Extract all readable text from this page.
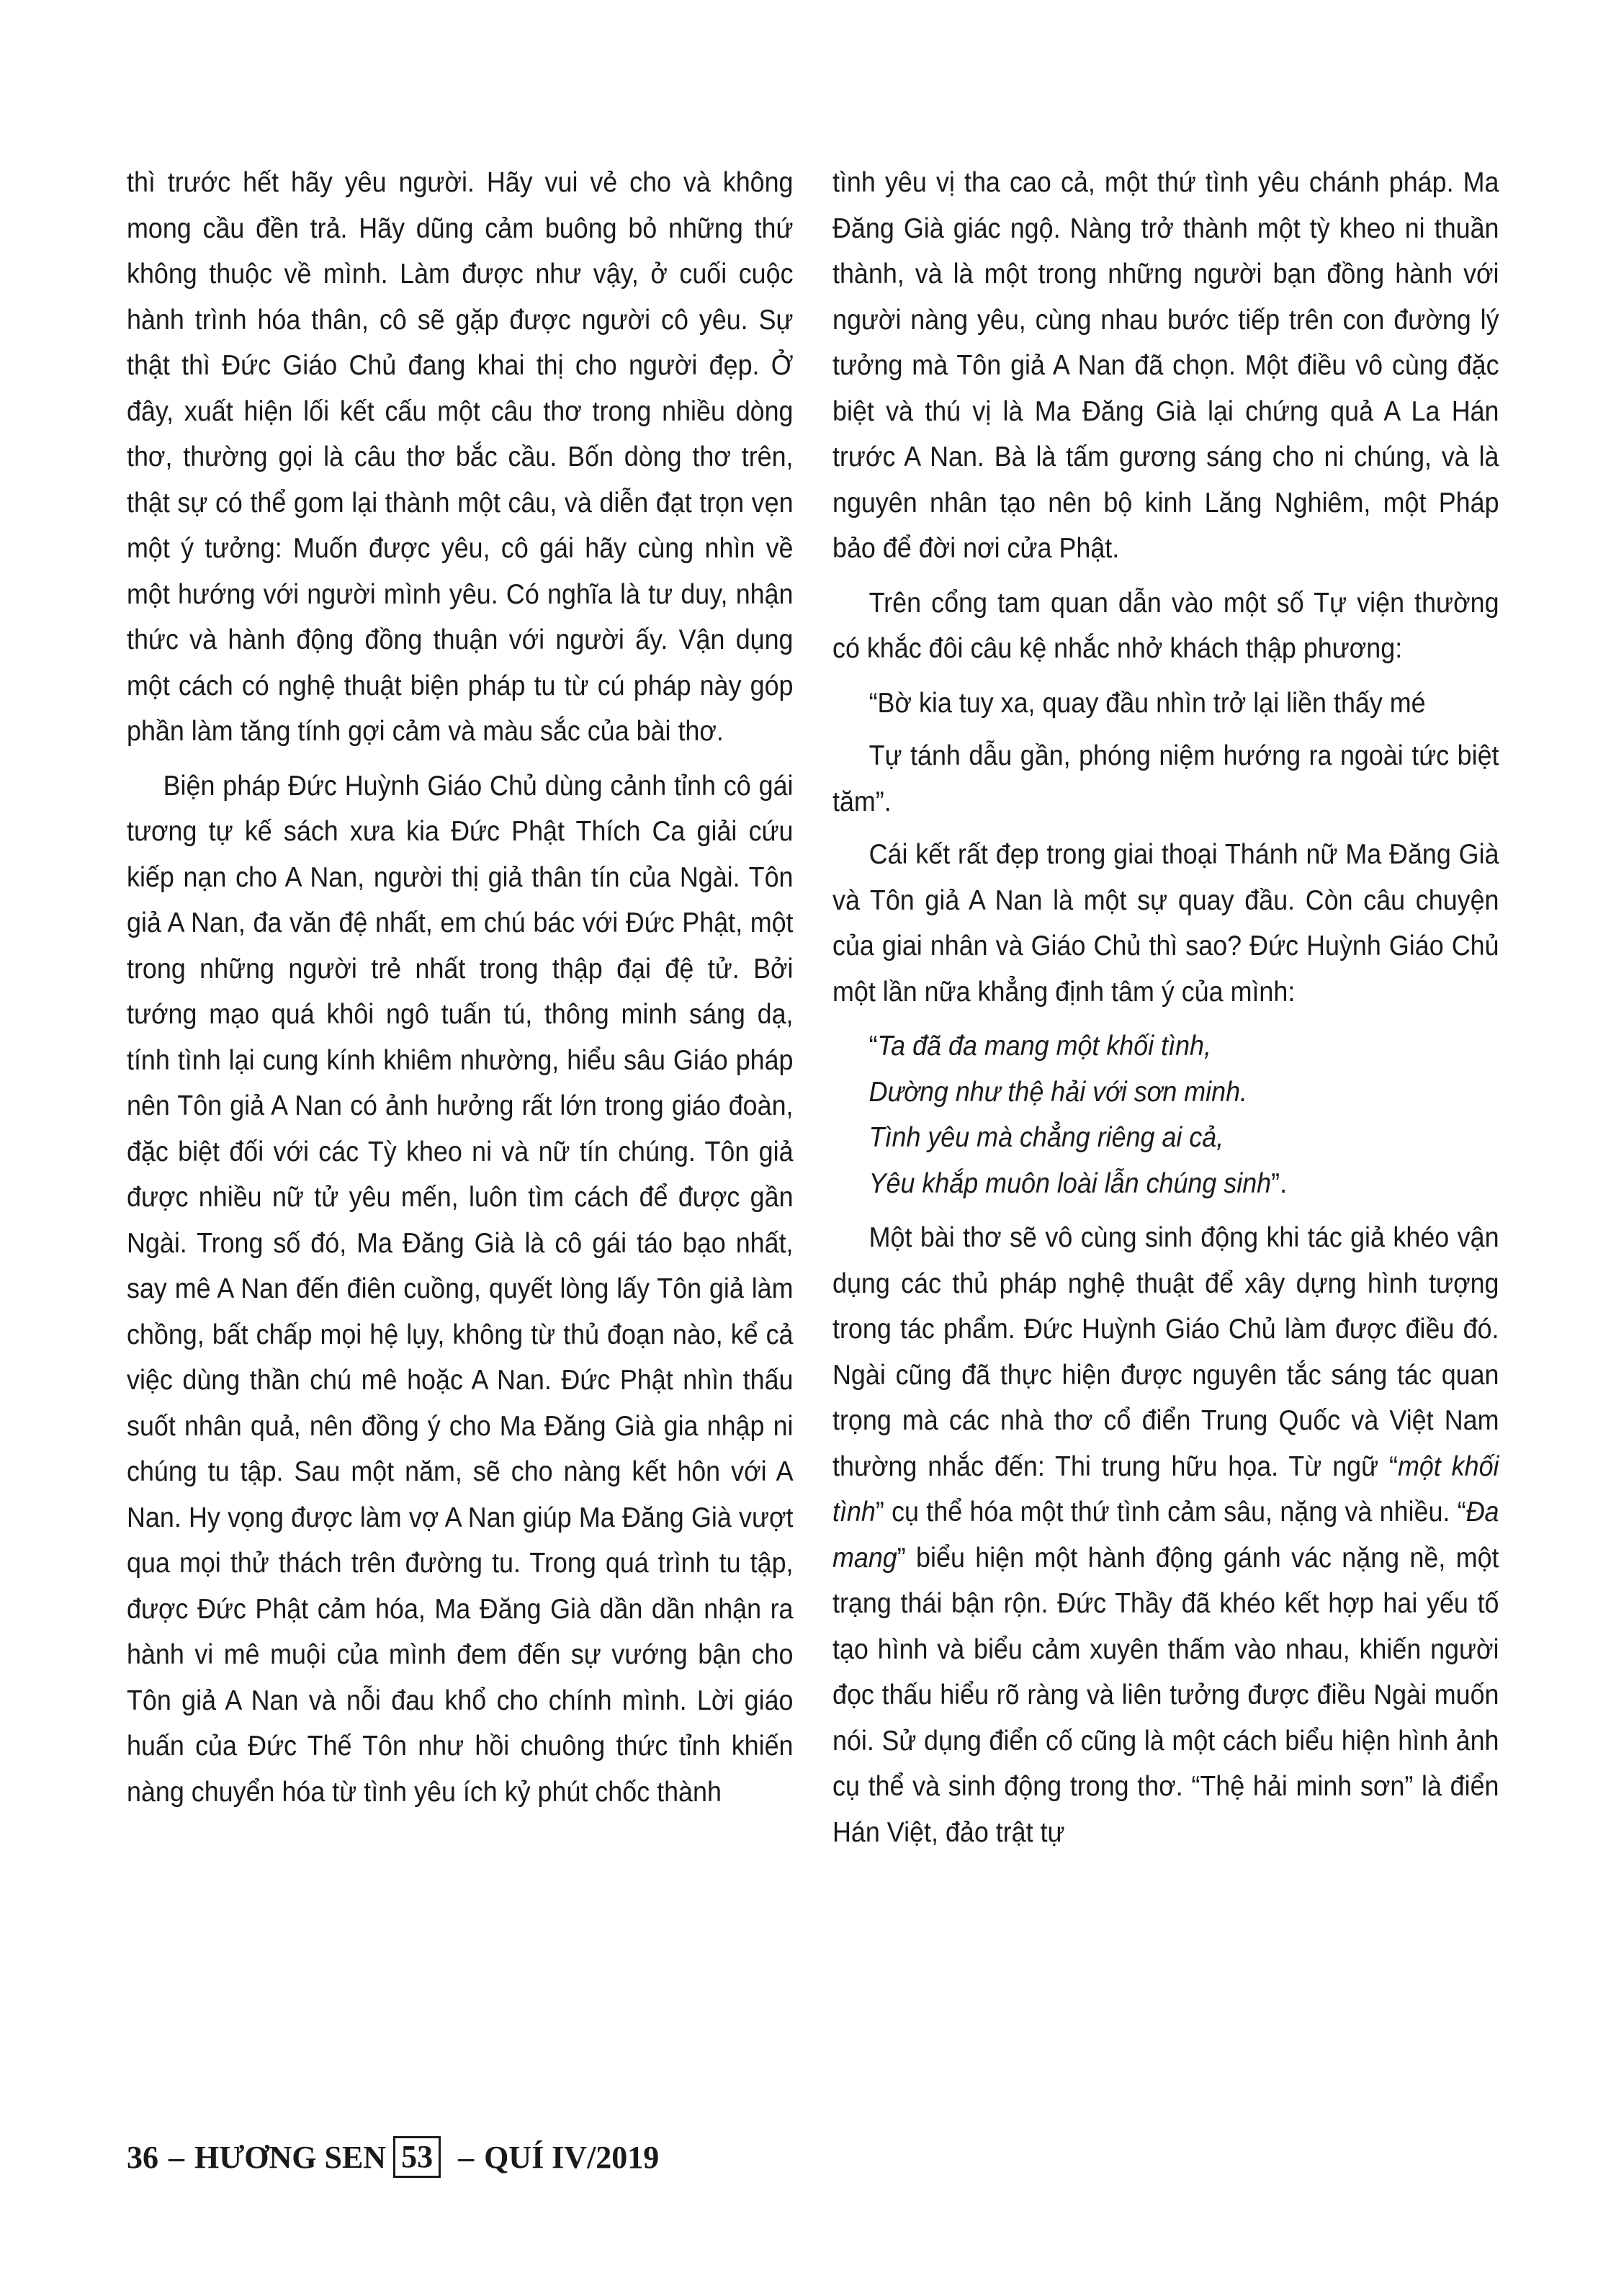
thì trước hết hãy yêu người. Hãy vui vẻ cho và không mong cầu đền trả. Hãy dũng cảm buông bỏ những thứ không thuộc về mình. Làm được như vậy, ở cuối cuộc hành trình hóa thân, cô sẽ gặp được người cô yêu. Sự thật thì Đức Giáo Chủ đang khai thị cho người đẹp. Ở đây, xuất hiện lối kết cấu một câu thơ trong nhiều dòng thơ, thường gọi là câu thơ bắc cầu. Bốn dòng thơ trên, thật sự có thể gom lại thành một câu, và diễn đạt trọn vẹn một ý tưởng: Muốn được yêu, cô gái hãy cùng nhìn về một hướng với người mình yêu. Có nghĩa là tư duy, nhận thức và hành động đồng thuận với người ấy. Vận dụng một cách có nghệ thuật biện pháp tu từ cú pháp này góp phần làm tăng tính gợi cảm và màu sắc của bài thơ.

Biện pháp Đức Huỳnh Giáo Chủ dùng cảnh tỉnh cô gái tương tự kế sách xưa kia Đức Phật Thích Ca giải cứu kiếp nạn cho A Nan, người thị giả thân tín của Ngài. Tôn giả A Nan, đa văn đệ nhất, em chú bác với Đức Phật, một trong những người trẻ nhất trong thập đại đệ tử. Bởi tướng mạo quá khôi ngô tuấn tú, thông minh sáng dạ, tính tình lại cung kính khiêm nhường, hiểu sâu Giáo pháp nên Tôn giả A Nan có ảnh hưởng rất lớn trong giáo đoàn, đặc biệt đối với các Tỳ kheo ni và nữ tín chúng. Tôn giả được nhiều nữ tử yêu mến, luôn tìm cách để được gần Ngài. Trong số đó, Ma Đăng Già là cô gái táo bạo nhất, say mê A Nan đến điên cuồng, quyết lòng lấy Tôn giả làm chồng, bất chấp mọi hệ lụy, không từ thủ đoạn nào, kể cả việc dùng thần chú mê hoặc A Nan. Đức Phật nhìn thấu suốt nhân quả, nên đồng ý cho Ma Đăng Già gia nhập ni chúng tu tập. Sau một năm, sẽ cho nàng kết hôn với A Nan. Hy vọng được làm vợ A Nan giúp Ma Đăng Già vượt qua mọi thử thách trên đường tu. Trong quá trình tu tập, được Đức Phật cảm hóa, Ma Đăng Già dần dần nhận ra hành vi mê muội của mình đem đến sự vướng bận cho Tôn giả A Nan và nỗi đau khổ cho chính mình. Lời giáo huấn của Đức Thế Tôn như hồi chuông thức tỉnh khiến nàng chuyển hóa từ tình yêu ích kỷ phút chốc thành

tình yêu vị tha cao cả, một thứ tình yêu chánh pháp. Ma Đăng Già giác ngộ. Nàng trở thành một tỳ kheo ni thuần thành, và là một trong những người bạn đồng hành với người nàng yêu, cùng nhau bước tiếp trên con đường lý tưởng mà Tôn giả A Nan đã chọn. Một điều vô cùng đặc biệt và thú vị là Ma Đăng Già lại chứng quả A La Hán trước A Nan. Bà là tấm gương sáng cho ni chúng, và là nguyên nhân tạo nên bộ kinh Lăng Nghiêm, một Pháp bảo để đời nơi cửa Phật.

Trên cổng tam quan dẫn vào một số Tự viện thường có khắc đôi câu kệ nhắc nhở khách thập phương:

“Bờ kia tuy xa, quay đầu nhìn trở lại liền thấy mé

Tự tánh dẫu gần, phóng niệm hướng ra ngoài tức biệt tăm”.

Cái kết rất đẹp trong giai thoại Thánh nữ Ma Đăng Già và Tôn giả A Nan là một sự quay đầu. Còn câu chuyện của giai nhân và Giáo Chủ thì sao? Đức Huỳnh Giáo Chủ một lần nữa khẳng định tâm ý của mình:

“Ta đã đa mang một khối tình,

Dường như thệ hải với sơn minh.

Tình yêu mà chẳng riêng ai cả,

Yêu khắp muôn loài lẫn chúng sinh”.

Một bài thơ sẽ vô cùng sinh động khi tác giả khéo vận dụng các thủ pháp nghệ thuật để xây dựng hình tượng trong tác phẩm. Đức Huỳnh Giáo Chủ làm được điều đó. Ngài cũng đã thực hiện được nguyên tắc sáng tác quan trọng mà các nhà thơ cổ điển Trung Quốc và Việt Nam thường nhắc đến: Thi trung hữu họa. Từ ngữ “một khối tình” cụ thể hóa một thứ tình cảm sâu, nặng và nhiều. “Đa mang” biểu hiện một hành động gánh vác nặng nề, một trạng thái bận rộn. Đức Thầy đã khéo kết hợp hai yếu tố tạo hình và biểu cảm xuyên thấm vào nhau, khiến người đọc thấu hiểu rõ ràng và liên tưởng được điều Ngài muốn nói. Sử dụng điển cố cũng là một cách biểu hiện hình ảnh cụ thể và sinh động trong thơ. “Thệ hải minh sơn” là điển Hán Việt, đảo trật tự

36 – HƯƠNG SEN 53 – QUÍ IV/2019
